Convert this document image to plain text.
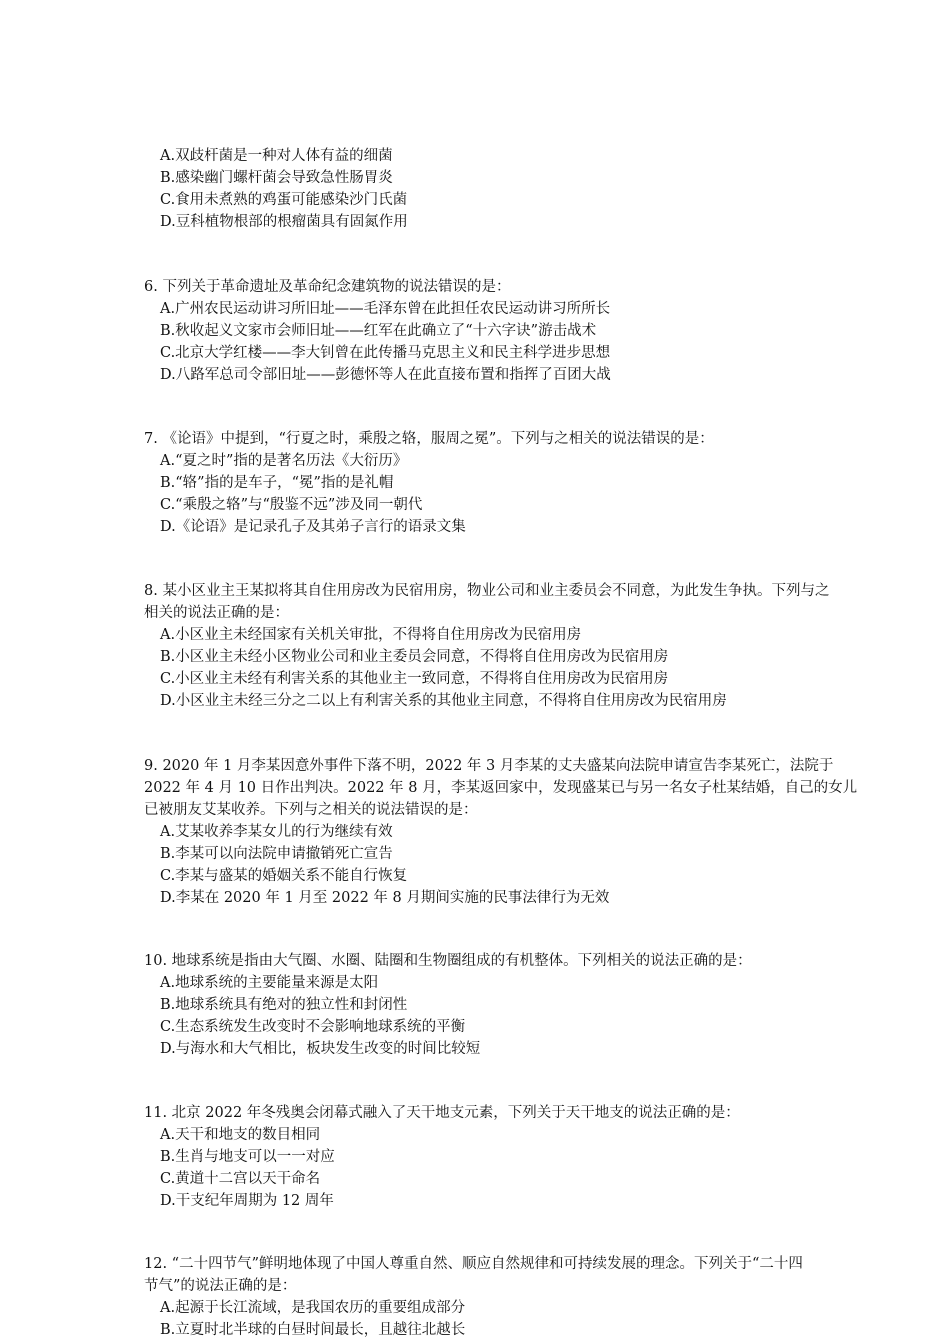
A.双歧杆菌是一种对人体有益的细菌
B.感染幽门螺杆菌会导致急性肠胃炎
C.食用未煮熟的鸡蛋可能感染沙门氏菌
D.豆科植物根部的根瘤菌具有固氮作用
6. 下列关于革命遗址及革命纪念建筑物的说法错误的是：
A.广州农民运动讲习所旧址——毛泽东曾在此担任农民运动讲习所所长
B.秋收起义文家市会师旧址——红军在此确立了“十六字诀”游击战术
C.北京大学红楼——李大钊曾在此传播马克思主义和民主科学进步思想
D.八路军总司令部旧址——彭德怀等人在此直接布置和指挥了百团大战
7. 《论语》中提到，“行夏之时，乘殷之辂，服周之冕”。下列与之相关的说法错误的是：
A.“夏之时”指的是著名历法《大衍历》
B.“辂”指的是车子，“冕”指的是礼帽
C.“乘殷之辂”与“殷鉴不远”涉及同一朝代
D.《论语》是记录孔子及其弟子言行的语录文集
8. 某小区业主王某拟将其自住用房改为民宿用房，物业公司和业主委员会不同意，为此发生争执。下列与之
相关的说法正确的是：
A.小区业主未经国家有关机关审批，不得将自住用房改为民宿用房
B.小区业主未经小区物业公司和业主委员会同意，不得将自住用房改为民宿用房
C.小区业主未经有利害关系的其他业主一致同意，不得将自住用房改为民宿用房
D.小区业主未经三分之二以上有利害关系的其他业主同意，不得将自住用房改为民宿用房
9. 2020 年 1 月李某因意外事件下落不明，2022 年 3 月李某的丈夫盛某向法院申请宣告李某死亡，法院于
2022 年 4 月 10 日作出判决。2022 年 8 月，李某返回家中，发现盛某已与另一名女子杜某结婚，自己的女儿
已被朋友艾某收养。下列与之相关的说法错误的是：
A.艾某收养李某女儿的行为继续有效
B.李某可以向法院申请撤销死亡宣告
C.李某与盛某的婚姻关系不能自行恢复
D.李某在 2020 年 1 月至 2022 年 8 月期间实施的民事法律行为无效
10. 地球系统是指由大气圈、水圈、陆圈和生物圈组成的有机整体。下列相关的说法正确的是：
A.地球系统的主要能量来源是太阳
B.地球系统具有绝对的独立性和封闭性
C.生态系统发生改变时不会影响地球系统的平衡
D.与海水和大气相比，板块发生改变的时间比较短
11. 北京 2022 年冬残奥会闭幕式融入了天干地支元素，下列关于天干地支的说法正确的是：
A.天干和地支的数目相同
B.生肖与地支可以一一对应
C.黄道十二宫以天干命名
D.干支纪年周期为 12 周年
12. “二十四节气”鲜明地体现了中国人尊重自然、顺应自然规律和可持续发展的理念。下列关于“二十四
节气”的说法正确的是：
A.起源于长江流域，是我国农历的重要组成部分
B.立夏时北半球的白昼时间最长，且越往北越长
